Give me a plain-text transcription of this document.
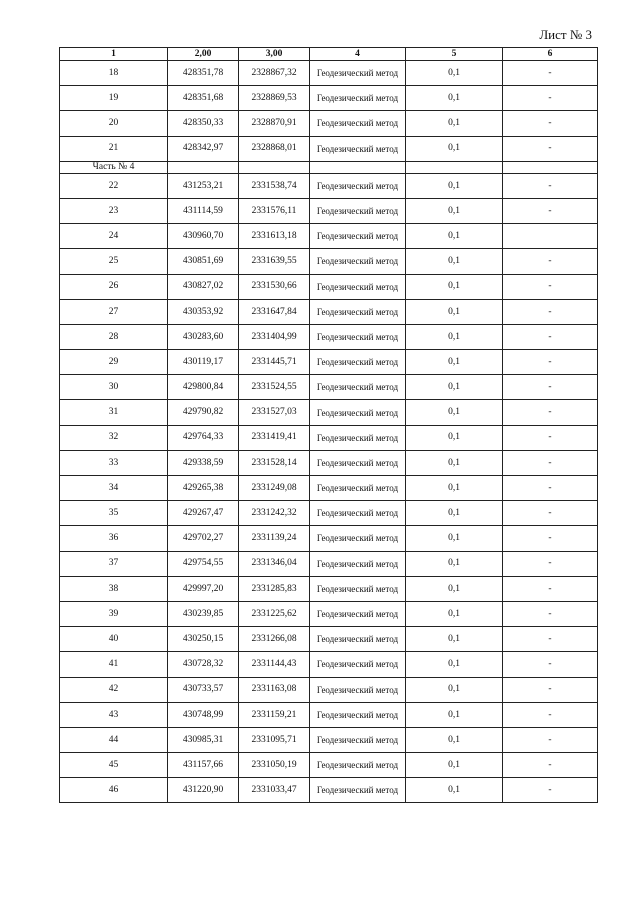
Лист № 3
1	2,00	3,00	4	5	6
18	428351,78	2328867,32	Геодезический метод	0,1	-
19	428351,68	2328869,53	Геодезический метод	0,1	-
20	428350,33	2328870,91	Геодезический метод	0,1	-
21	428342,97	2328868,01	Геодезический метод	0,1	-
Часть № 4					
22	431253,21	2331538,74	Геодезический метод	0,1	-
23	431114,59	2331576,11	Геодезический метод	0,1	-
24	430960,70	2331613,18	Геодезический метод	0,1	
25	430851,69	2331639,55	Геодезический метод	0,1	-
26	430827,02	2331530,66	Геодезический метод	0,1	-
27	430353,92	2331647,84	Геодезический метод	0,1	-
28	430283,60	2331404,99	Геодезический метод	0,1	-
29	430119,17	2331445,71	Геодезический метод	0,1	-
30	429800,84	2331524,55	Геодезический метод	0,1	-
31	429790,82	2331527,03	Геодезический метод	0,1	-
32	429764,33	2331419,41	Геодезический метод	0,1	-
33	429338,59	2331528,14	Геодезический метод	0,1	-
34	429265,38	2331249,08	Геодезический метод	0,1	-
35	429267,47	2331242,32	Геодезический метод	0,1	-
36	429702,27	2331139,24	Геодезический метод	0,1	-
37	429754,55	2331346,04	Геодезический метод	0,1	-
38	429997,20	2331285,83	Геодезический метод	0,1	-
39	430239,85	2331225,62	Геодезический метод	0,1	-
40	430250,15	2331266,08	Геодезический метод	0,1	-
41	430728,32	2331144,43	Геодезический метод	0,1	-
42	430733,57	2331163,08	Геодезический метод	0,1	-
43	430748,99	2331159,21	Геодезический метод	0,1	-
44	430985,31	2331095,71	Геодезический метод	0,1	-
45	431157,66	2331050,19	Геодезический метод	0,1	-
46	431220,90	2331033,47	Геодезический метод	0,1	-
